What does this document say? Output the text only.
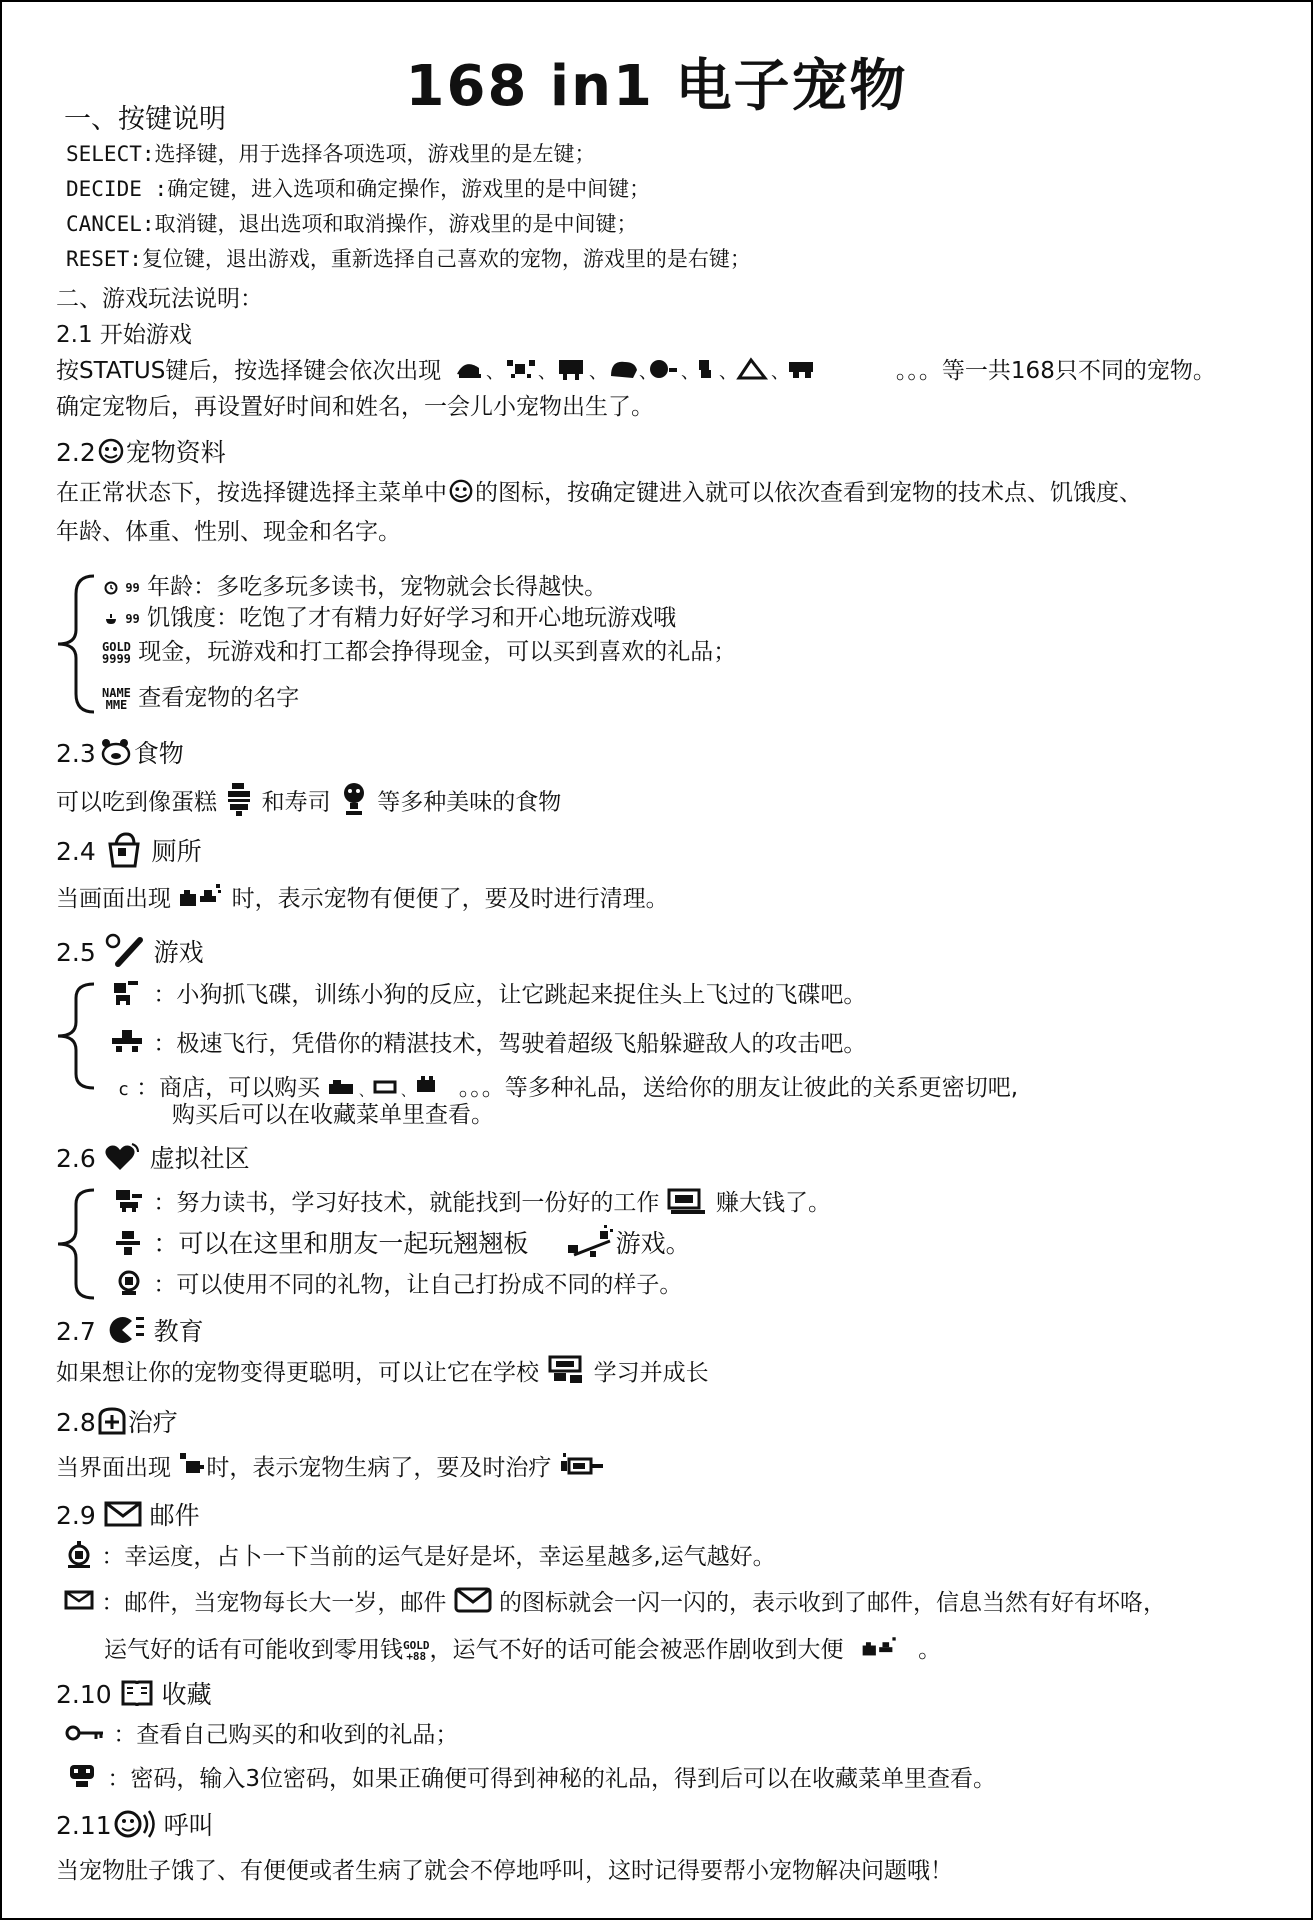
168 in1 电子宠物
一、按键说明
SELECT:选择键，用于选择各项选项，游戏里的是左键；
DECIDE :确定键，进入选项和确定操作，游戏里的是中间键；
CANCEL:取消键，退出选项和取消操作，游戏里的是中间键；
RESET:复位键，退出游戏，重新选择自己喜欢的宠物，游戏里的是右键；
二、游戏玩法说明：
2.1 开始游戏
按STATUS键后，按选择键会依次出现 、 、 、 、 、 、 、	。。。等一共168只不同的宠物。
确定宠物后，再设置好时间和姓名，一会儿小宠物出生了。
2.2 宠物资料
在正常状态下，按选择键选择主菜单中 的图标，按确定键进入就可以依次查看到宠物的技术点、饥饿度、
年龄、体重、性别、现金和名字。
99 年龄：多吃多玩多读书，宠物就会长得越快。
99 饥饿度：吃饱了才有精力好好学习和开心地玩游戏哦
GOLD
9999 现金，玩游戏和打工都会挣得现金，可以买到喜欢的礼品；
NAME
MME 查看宠物的名字
2.3 食物
可以吃到像蛋糕 和寿司 等多种美味的食物
2.4 厕所
当画面出现	时，表示宠物有便便了，要及时进行清理。
2.5 游戏
：小狗抓飞碟，训练小狗的反应，让它跳起来捉住头上飞过的飞碟吧。
：极速飞行，凭借你的精湛技术，驾驶着超级飞船躲避敌人的攻击吧。
c ：商店，可以购买	、 、 。。。等多种礼品，送给你的朋友让彼此的关系更密切吧,
购买后可以在收藏菜单里查看。
2.6 虚拟社区
：努力读书，学习好技术，就能找到一份好的工作 赚大钱了。
：可以在这里和朋友一起玩翘翘板	游戏。
：可以使用不同的礼物，让自己打扮成不同的样子。
2.7 教育
如果想让你的宠物变得更聪明，可以让它在学校 学习并成长
2.8 治疗
当界面出现 时，表示宠物生病了，要及时治疗
2.9 邮件
：幸运度，占卜一下当前的运气是好是坏，幸运星越多,运气越好。
：邮件，当宠物每长大一岁，邮件 的图标就会一闪一闪的，表示收到了邮件，信息当然有好有坏咯，
运气好的话有可能收到零用钱GOLD
+88 ，运气不好的话可能会被恶作剧收到大便	。
2.10 收藏
：查看自己购买的和收到的礼品；
：密码，输入3位密码，如果正确便可得到神秘的礼品，得到后可以在收藏菜单里查看。
2.11 呼叫
当宠物肚子饿了、有便便或者生病了就会不停地呼叫，这时记得要帮小宠物解决问题哦！
